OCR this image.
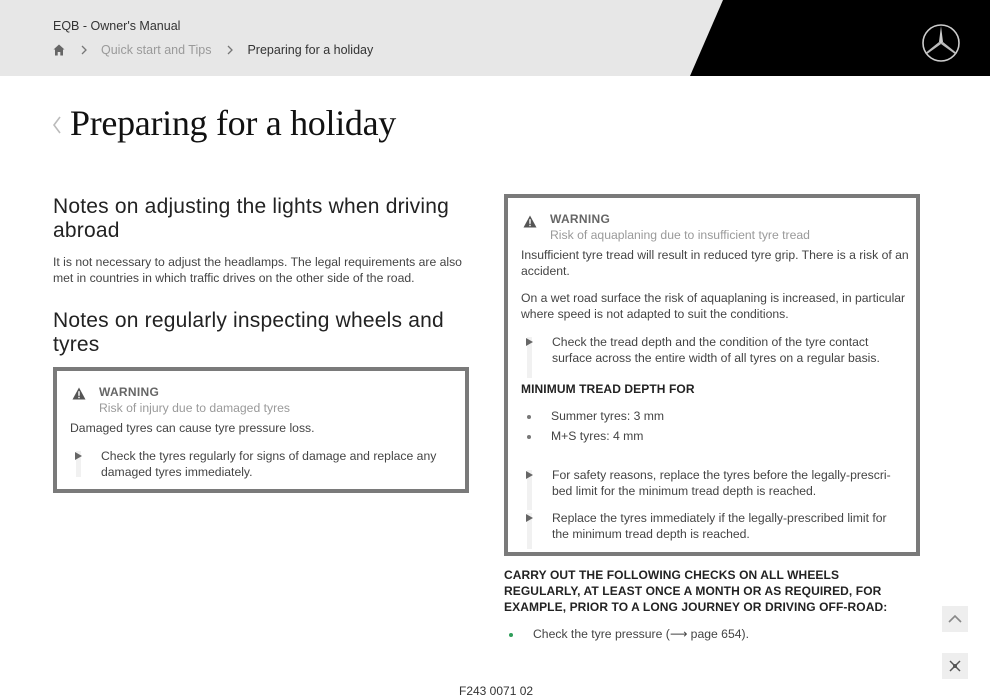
EQB - Owner's Manual
Quick start and Tips	Preparing for a holiday
Preparing for a holiday
Notes on adjusting the lights when driving abroad

It is not necessary to adjust the headlamps. The legal requirements are also met in countries in which traffic drives on the other side of the road.

Notes on regularly inspecting wheels and tyres
WARNING
Risk of injury due to damaged tyres
Damaged tyres can cause tyre pressure loss.
Check the tyres regularly for signs of damage and replace any damaged tyres immediately.
WARNING
Risk of aquaplaning due to insufficient tyre tread
Insufficient tyre tread will result in reduced tyre grip. There is a risk of an accident.
On a wet road surface the risk of aquaplaning is increased, in particular where speed is not adapted to suit the conditions.
Check the tread depth and the condition of the tyre contact surface across the entire width of all tyres on a regular basis.
MINIMUM TREAD DEPTH FOR
Summer tyres: 3 mm
M+S tyres: 4 mm
For safety reasons, replace the tyres before the legally-prescri-bed limit for the minimum tread depth is reached.
Replace the tyres immediately if the legally-prescribed limit for the minimum tread depth is reached.
CARRY OUT THE FOLLOWING CHECKS ON ALL WHEELS REGULARLY, AT LEAST ONCE A MONTH OR AS REQUIRED, FOR EXAMPLE, PRIOR TO A LONG JOURNEY OR DRIVING OFF-ROAD:
Check the tyre pressure (⟶ page 654).
F243 0071 02
